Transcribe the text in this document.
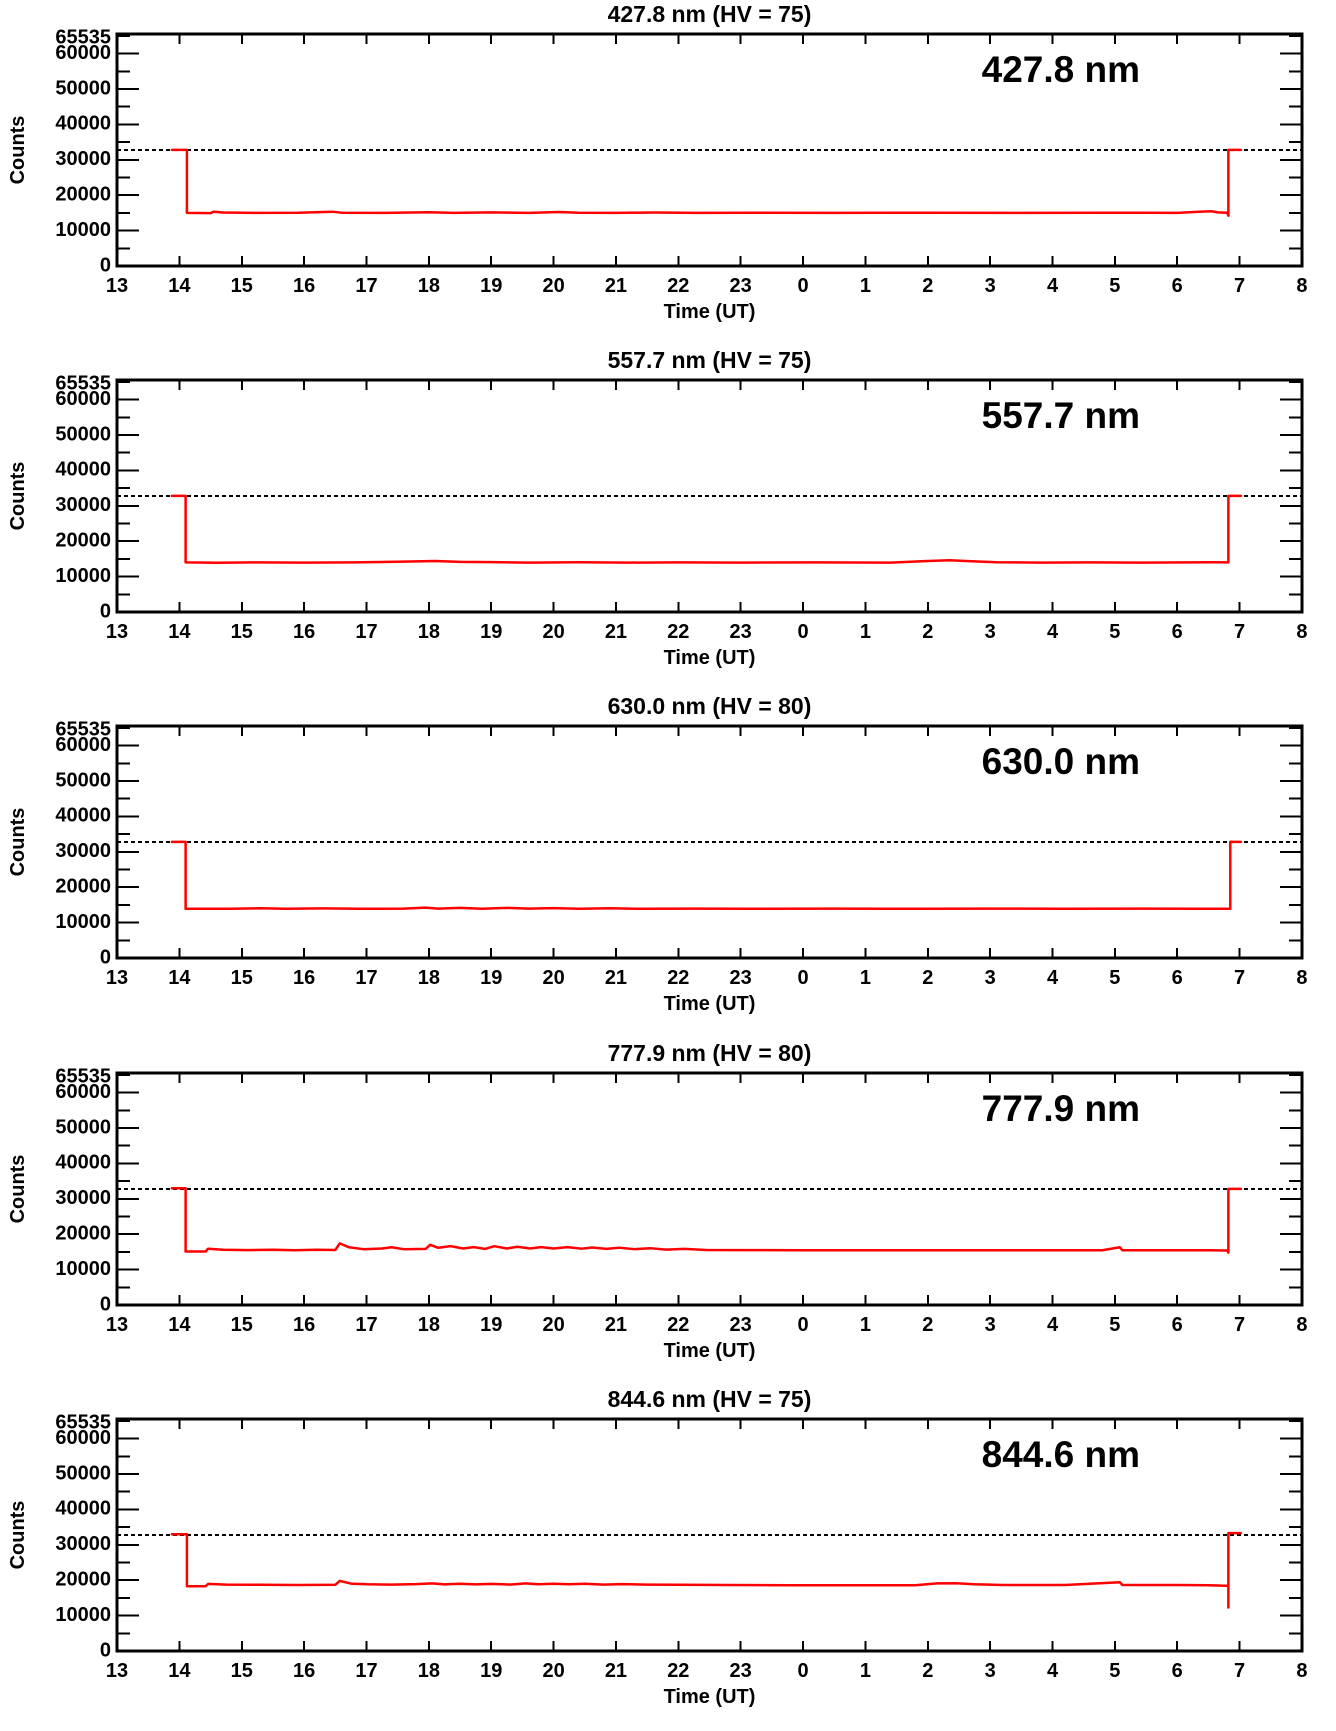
427.8 nm (HV = 75)
65535
60000
50000
40000
30000
20000
10000
0
13 14 15 16 17 18 19 20 21 22 23 0	1	2	3	4	5	6	7	8
Time (UT)
Counts
427.8 nm
557.7 nm (HV = 75)
65535
60000
50000
40000
30000
20000
10000
0
13 14 15 16 17 18 19 20 21 22 23 0	1	2	3	4	5	6	7	8
Time (UT)
Counts
557.7 nm
630.0 nm (HV = 80)
65535
60000
50000
40000
30000
20000
10000
0
13 14 15 16 17 18 19 20 21 22 23 0	1	2	3	4	5	6	7	8
Time (UT)
Counts
630.0 nm
777.9 nm (HV = 80)
65535
60000
50000
40000
30000
20000
10000
0
13 14 15 16 17 18 19 20 21 22 23 0	1	2	3	4	5	6	7	8
Time (UT)
Counts
777.9 nm
844.6 nm (HV = 75)
65535
60000
50000
40000
30000
20000
10000
0
13 14 15 16 17 18 19 20 21 22 23 0	1	2	3	4	5	6	7	8
Time (UT)
Counts
844.6 nm
